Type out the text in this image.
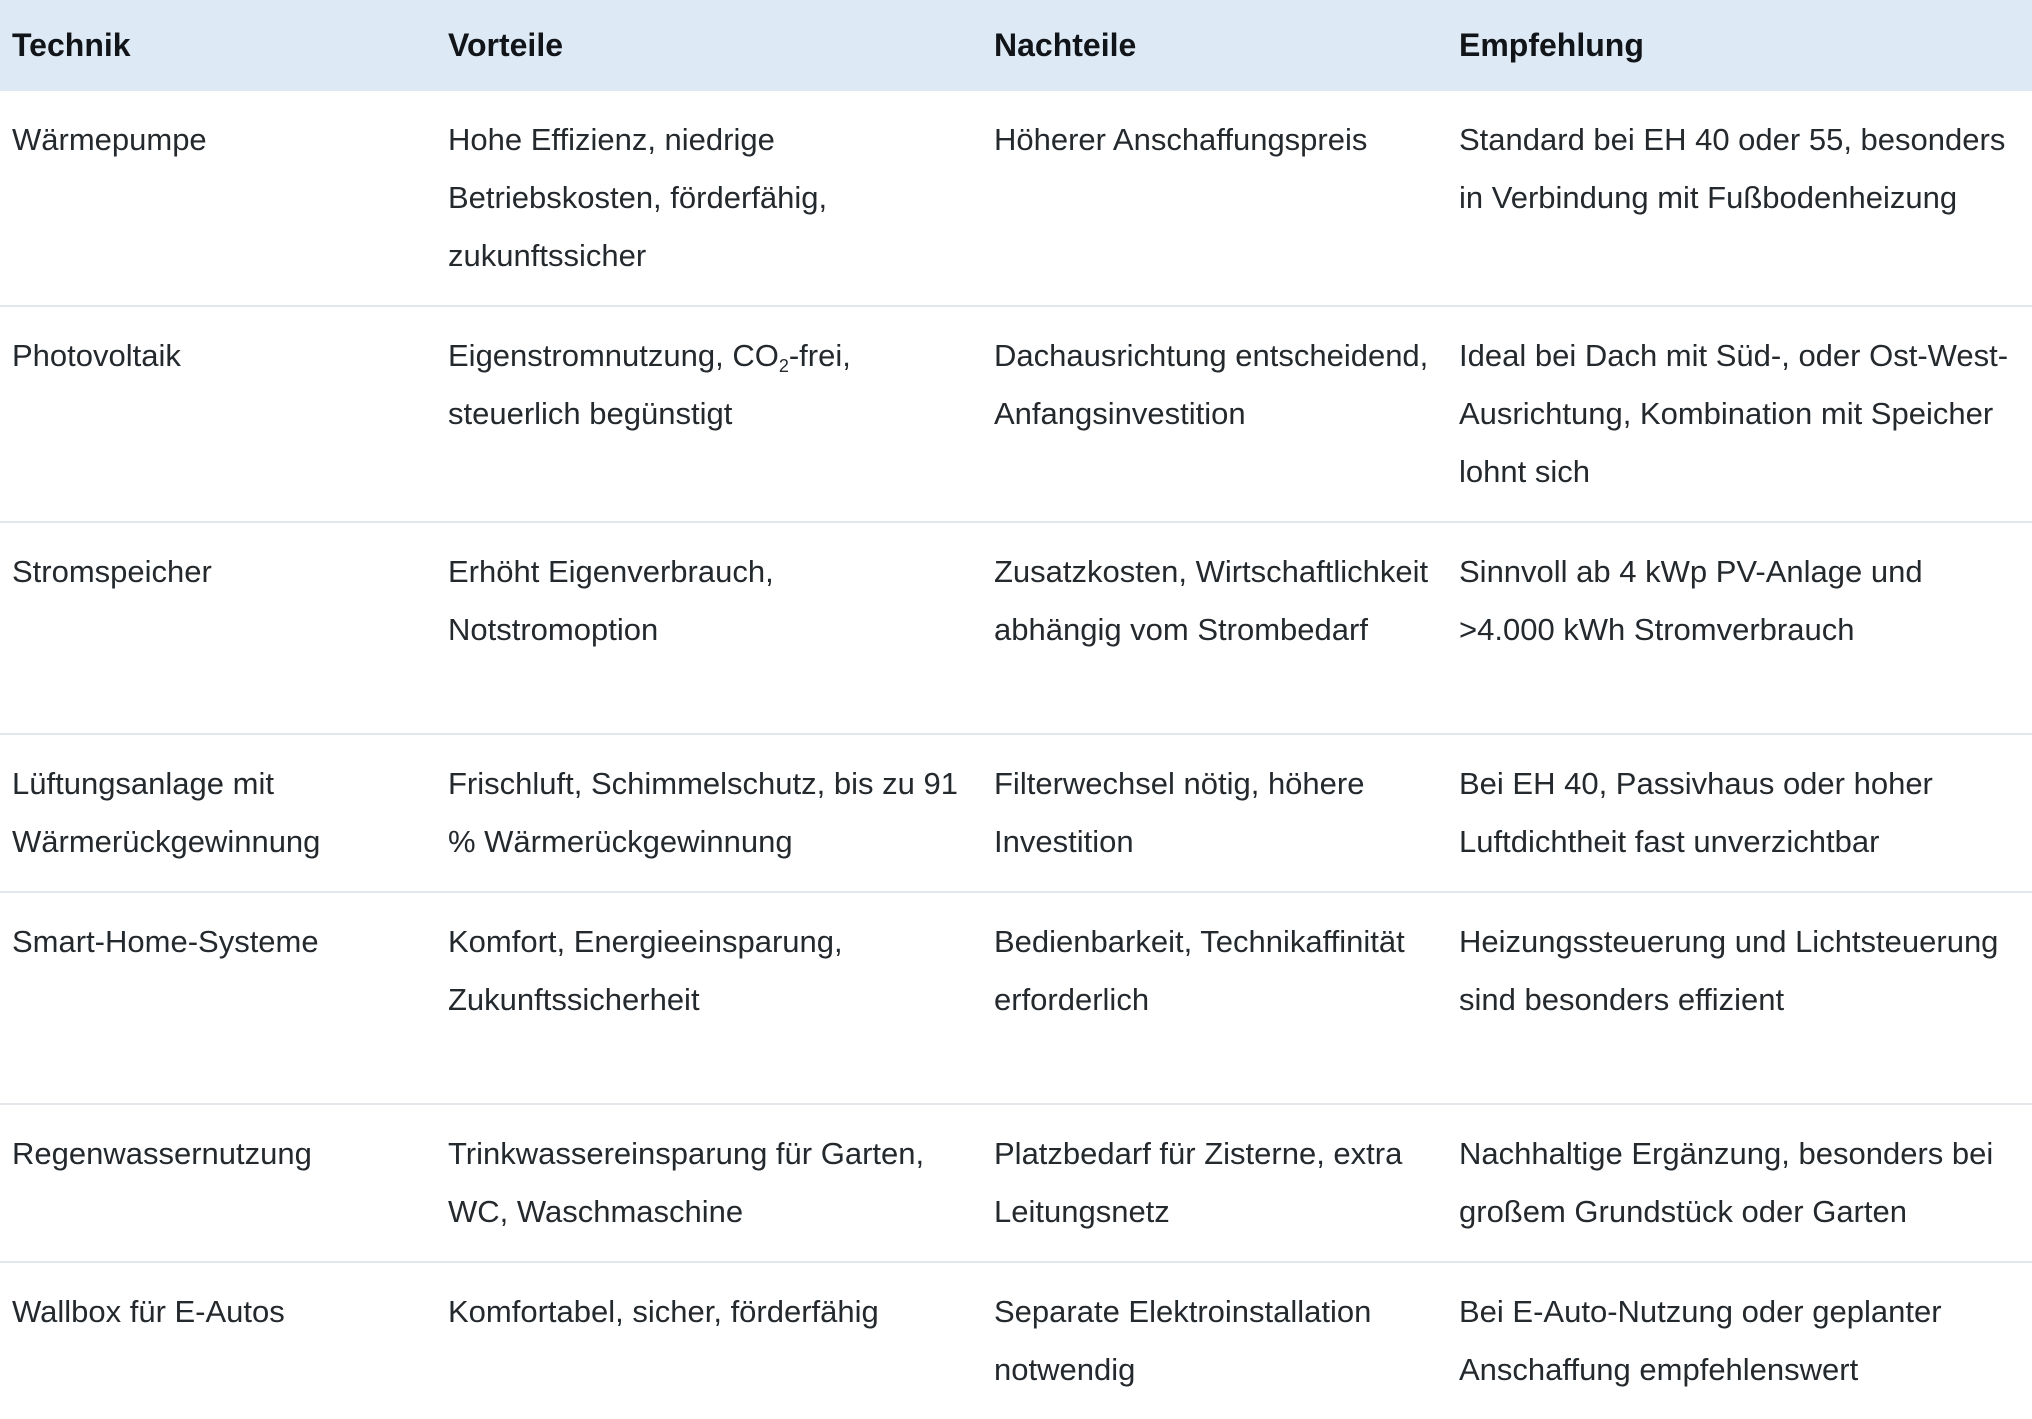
Technik	Vorteile	Nachteile	Empfehlung
Wärmepumpe	Hohe Effizienz, niedrige Betriebskosten, förderfähig, zukunftssicher	Höherer Anschaffungspreis	Standard bei EH 40 oder 55, besonders in Verbindung mit Fußbodenheizung
Photovoltaik	Eigenstromnutzung, $CO_2$-frei, steuerlich begünstigt	Dachausrichtung entscheidend, Anfangsinvestition	Ideal bei Dach mit Süd-, oder Ost-West-Ausrichtung, Kombination mit Speicher lohnt sich
Stromspeicher	Erhöht Eigenverbrauch, Notstromoption	Zusatzkosten, Wirtschaftlichkeit abhängig vom Strombedarf	Sinnvoll ab 4 kWp PV-Anlage und >4.000 kWh Stromverbrauch
Lüftungsanlage mit Wärmerückgewinnung	Frischluft, Schimmelschutz, bis zu 91 % Wärmerückgewinnung	Filterwechsel nötig, höhere Investition	Bei EH 40, Passivhaus oder hoher Luftdichtheit fast unverzichtbar
Smart-Home-Systeme	Komfort, Energieeinsparung, Zukunftssicherheit	Bedienbarkeit, Technikaffinität erforderlich	Heizungssteuerung und Lichtsteuerung sind besonders effizient
Regenwassernutzung	Trinkwassereinsparung für Garten, WC, Waschmaschine	Platzbedarf für Zisterne, extra Leitungsnetz	Nachhaltige Ergänzung, besonders bei großem Grundstück oder Garten
Wallbox für E-Autos	Komfortabel, sicher, förderfähig	Separate Elektroinstallation notwendig	Bei E-Auto-Nutzung oder geplanter Anschaffung empfehlenswert
